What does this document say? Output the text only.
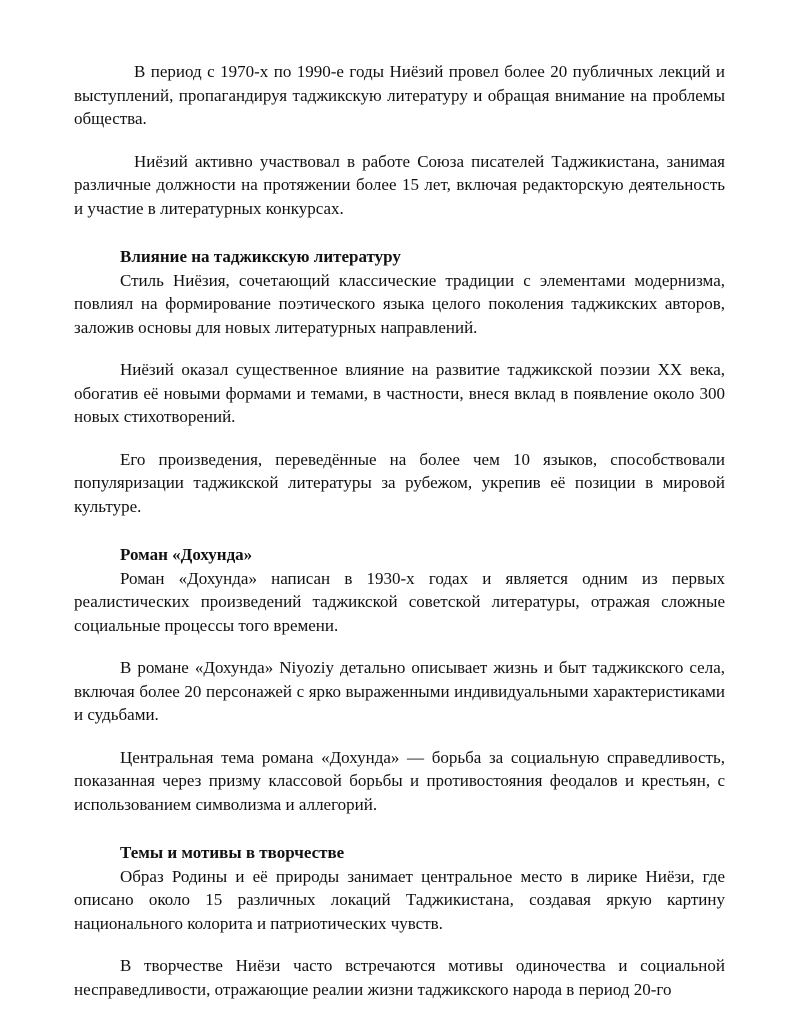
В период с 1970-х по 1990-е годы Ниёзий провел более 20 публичных лекций и выступлений, пропагандируя таджикскую литературу и обращая внимание на проблемы общества.

Ниёзий активно участвовал в работе Союза писателей Таджикистана, занимая различные должности на протяжении более 15 лет, включая редакторскую деятельность и участие в литературных конкурсах.

Влияние на таджикскую литературу

Стиль Ниёзия, сочетающий классические традиции с элементами модернизма, повлиял на формирование поэтического языка целого поколения таджикских авторов, заложив основы для новых литературных направлений.

Ниёзий оказал существенное влияние на развитие таджикской поэзии XX века, обогатив её новыми формами и темами, в частности, внеся вклад в появление около 300 новых стихотворений.

Его произведения, переведённые на более чем 10 языков, способствовали популяризации таджикской литературы за рубежом, укрепив её позиции в мировой культуре.

Роман «Дохунда»

Роман «Дохунда» написан в 1930-х годах и является одним из первых реалистических произведений таджикской советской литературы, отражая сложные социальные процессы того времени.

В романе «Дохунда» Niyoziy детально описывает жизнь и быт таджикского села, включая более 20 персонажей с ярко выраженными индивидуальными характеристиками и судьбами.

Центральная тема романа «Дохунда» — борьба за социальную справедливость, показанная через призму классовой борьбы и противостояния феодалов и крестьян, с использованием символизма и аллегорий.

Темы и мотивы в творчестве

Образ Родины и её природы занимает центральное место в лирике Ниёзи, где описано около 15 различных локаций Таджикистана, создавая яркую картину национального колорита и патриотических чувств.

В творчестве Ниёзи часто встречаются мотивы одиночества и социальной несправедливости, отражающие реалии жизни таджикского народа в период 20-го
